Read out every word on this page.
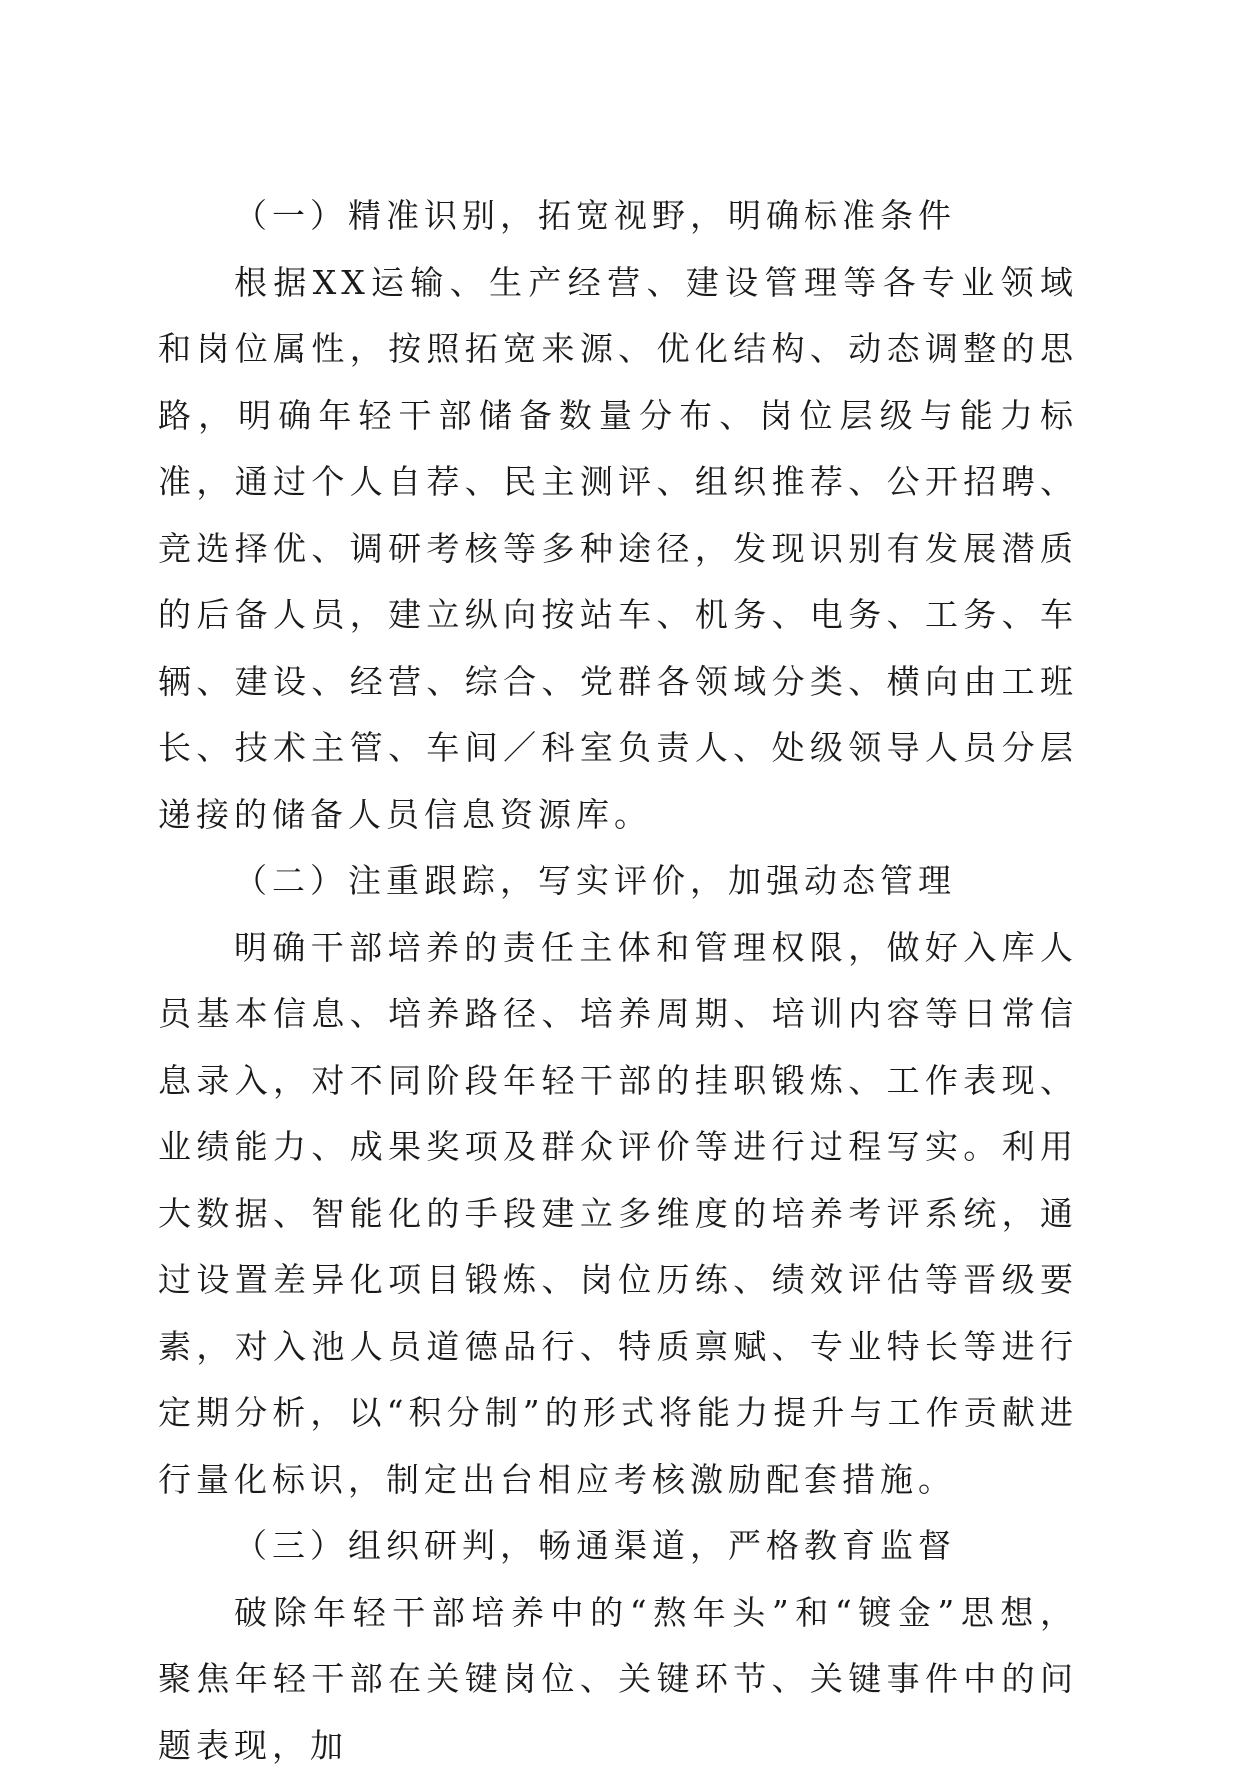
（一）精准识别，拓宽视野，明确标准条件

根据XX运输、生产经营、建设管理等各专业领域和岗位属性，按照拓宽来源、优化结构、动态调整的思路，明确年轻干部储备数量分布、岗位层级与能力标准，通过个人自荐、民主测评、组织推荐、公开招聘、竞选择优、调研考核等多种途径，发现识别有发展潜质的后备人员，建立纵向按站车、机务、电务、工务、车辆、建设、经营、综合、党群各领域分类、横向由工班长、技术主管、车间／科室负责人、处级领导人员分层递接的储备人员信息资源库。

（二）注重跟踪，写实评价，加强动态管理

明确干部培养的责任主体和管理权限，做好入库人员基本信息、培养路径、培养周期、培训内容等日常信息录入，对不同阶段年轻干部的挂职锻炼、工作表现、业绩能力、成果奖项及群众评价等进行过程写实。利用大数据、智能化的手段建立多维度的培养考评系统，通过设置差异化项目锻炼、岗位历练、绩效评估等晋级要素，对入池人员道德品行、特质禀赋、专业特长等进行定期分析，以“积分制”的形式将能力提升与工作贡献进行量化标识，制定出台相应考核激励配套措施。

（三）组织研判，畅通渠道，严格教育监督

破除年轻干部培养中的“熬年头”和“镀金”思想，聚焦年轻干部在关键岗位、关键环节、关键事件中的问题表现，加
